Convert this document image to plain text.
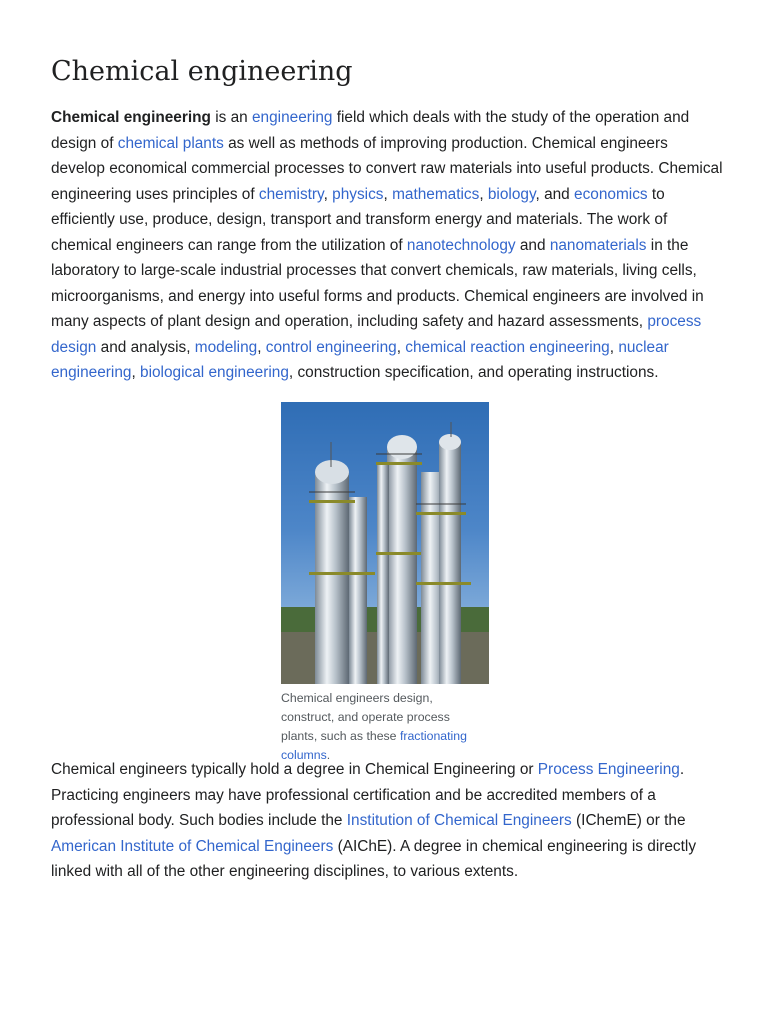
Chemical engineering

Chemical engineering is an engineering field which deals with the study of the operation and design of chemical plants as well as methods of improving production. Chemical engineers develop economical commercial processes to convert raw materials into useful products. Chemical engineering uses principles of chemistry, physics, mathematics, biology, and economics to efficiently use, produce, design, transport and transform energy and materials. The work of chemical engineers can range from the utilization of nanotechnology and nanomaterials in the laboratory to large-scale industrial processes that convert chemicals, raw materials, living cells, microorganisms, and energy into useful forms and products. Chemical engineers are involved in many aspects of plant design and operation, including safety and hazard assessments, process design and analysis, modeling, control engineering, chemical reaction engineering, nuclear engineering, biological engineering, construction specification, and operating instructions.

Chemical engineers design, construct, and operate process plants, such as these fractionating columns.

Chemical engineers typically hold a degree in Chemical Engineering or Process Engineering. Practicing engineers may have professional certification and be accredited members of a professional body. Such bodies include the Institution of Chemical Engineers (IChemE) or the American Institute of Chemical Engineers (AIChE). A degree in chemical engineering is directly linked with all of the other engineering disciplines, to various extents.
